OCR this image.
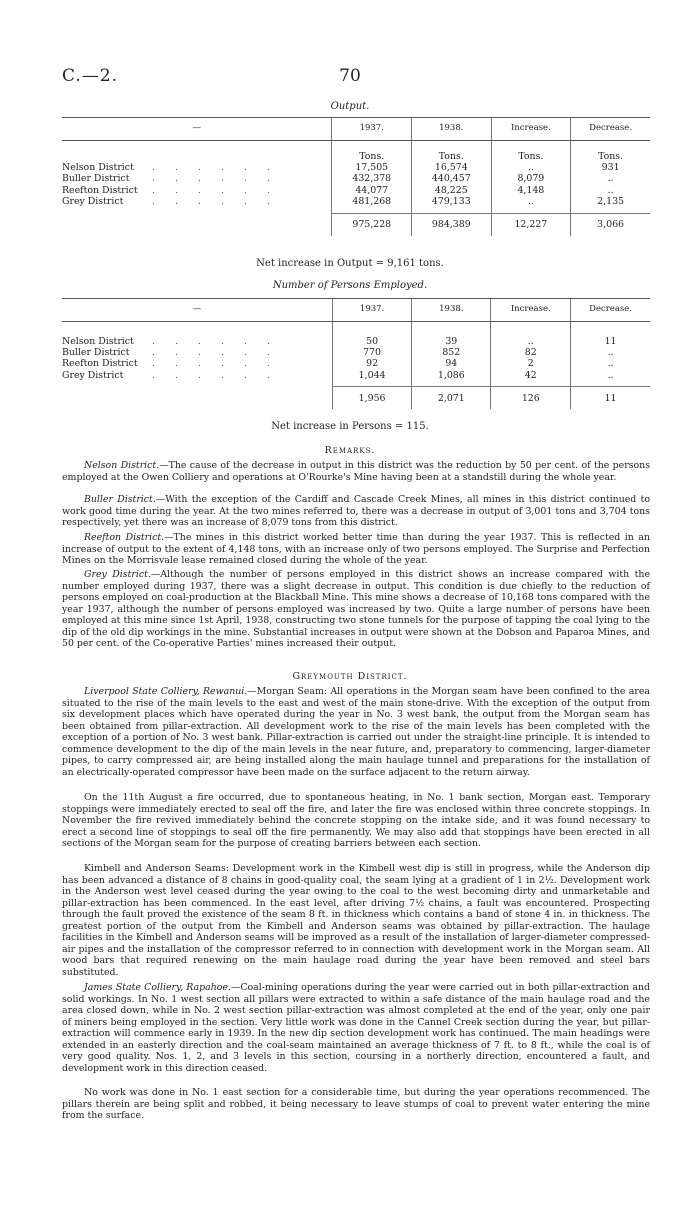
C.—2.	70
Output.
—	1937.	1938.	Increase.	Decrease.

	Tons.	Tons.	Tons.	Tons.
Nelson District ......	17,505	16,574	..	931
Buller District ......	432,378	440,457	8,079	..
Reefton District ......	44,077	48,225	4,148	..
Grey District ......	481,268	479,133	..	2,135

	975,228	984,389	12,227	3,066
Net increase in Output = 9,161 tons.
Number of Persons Employed.
—	1937.	1938.	Increase.	Decrease.

Nelson District ......	50	39	..	11
Buller District ......	770	852	82	..
Reefton District ......	92	94	2	..
Grey District ......	1,044	1,086	42	..

	1,956	2,071	126	11
Net increase in Persons = 115.
Remarks.

Nelson District.—The cause of the decrease in output in this district was the reduction by 50 per cent. of the persons employed at the Owen Colliery and operations at O'Rourke's Mine having been at a standstill during the whole year.

Buller District.—With the exception of the Cardiff and Cascade Creek Mines, all mines in this district continued to work good time during the year. At the two mines referred to, there was a decrease in output of 3,001 tons and 3,704 tons respectively, yet there was an increase of 8,079 tons from this district.

Reefton District.—The mines in this district worked better time than during the year 1937. This is reflected in an increase of output to the extent of 4,148 tons, with an increase only of two persons employed. The Surprise and Perfection Mines on the Morrisvale lease remained closed during the whole of the year.

Grey District.—Although the number of persons employed in this district shows an increase compared with the number employed during 1937, there was a slight decrease in output. This condition is due chiefly to the reduction of persons employed on coal-production at the Blackball Mine. This mine shows a decrease of 10,168 tons compared with the year 1937, although the number of persons employed was increased by two. Quite a large number of persons have been employed at this mine since 1st April, 1938, constructing two stone tunnels for the purpose of tapping the coal lying to the dip of the old dip workings in the mine. Substantial increases in output were shown at the Dobson and Paparoa Mines, and 50 per cent. of the Co-operative Parties' mines increased their output.

Greymouth District.

Liverpool State Colliery, Rewanui.—Morgan Seam: All operations in the Morgan seam have been confined to the area situated to the rise of the main levels to the east and west of the main stone-drive. With the exception of the output from six development places which have operated during the year in No. 3 west bank, the output from the Morgan seam has been obtained from pillar-extraction. All development work to the rise of the main levels has been completed with the exception of a portion of No. 3 west bank. Pillar-extraction is carried out under the straight-line principle. It is intended to commence development to the dip of the main levels in the near future, and, preparatory to commencing, larger-diameter pipes, to carry compressed air, are being installed along the main haulage tunnel and preparations for the installation of an electrically-operated compressor have been made on the surface adjacent to the return airway.

On the 11th August a fire occurred, due to spontaneous heating, in No. 1 bank section, Morgan east. Temporary stoppings were immediately erected to seal off the fire, and later the fire was enclosed within three concrete stoppings. In November the fire revived immediately behind the concrete stopping on the intake side, and it was found necessary to erect a second line of stoppings to seal off the fire permanently. We may also add that stoppings have been erected in all sections of the Morgan seam for the purpose of creating barriers between each section.

Kimbell and Anderson Seams: Development work in the Kimbell west dip is still in progress, while the Anderson dip has been advanced a distance of 8 chains in good-quality coal, the seam lying at a gradient of 1 in 2½. Development work in the Anderson west level ceased during the year owing to the coal to the west becoming dirty and unmarketable and pillar-extraction has been commenced. In the east level, after driving 7½ chains, a fault was encountered. Prospecting through the fault proved the existence of the seam 8 ft. in thickness which contains a band of stone 4 in. in thickness. The greatest portion of the output from the Kimbell and Anderson seams was obtained by pillar-extraction. The haulage facilities in the Kimbell and Anderson seams will be improved as a result of the installation of larger-diameter compressed-air pipes and the installation of the compressor referred to in connection with development work in the Morgan seam. All wood bars that required renewing on the main haulage road during the year have been removed and steel bars substituted.

James State Colliery, Rapahoe.—Coal-mining operations during the year were carried out in both pillar-extraction and solid workings. In No. 1 west section all pillars were extracted to within a safe distance of the main haulage road and the area closed down, while in No. 2 west section pillar-extraction was almost completed at the end of the year, only one pair of miners being employed in the section. Very little work was done in the Cannel Creek section during the year, but pillar-extraction will commence early in 1939. In the new dip section development work has continued. The main headings were extended in an easterly direction and the coal-seam maintained an average thickness of 7 ft. to 8 ft., while the coal is of very good quality. Nos. 1, 2, and 3 levels in this section, coursing in a northerly direction, encountered a fault, and development work in this direction ceased.

No work was done in No. 1 east section for a considerable time, but during the year operations recommenced. The pillars therein are being split and robbed, it being necessary to leave stumps of coal to prevent water entering the mine from the surface.
